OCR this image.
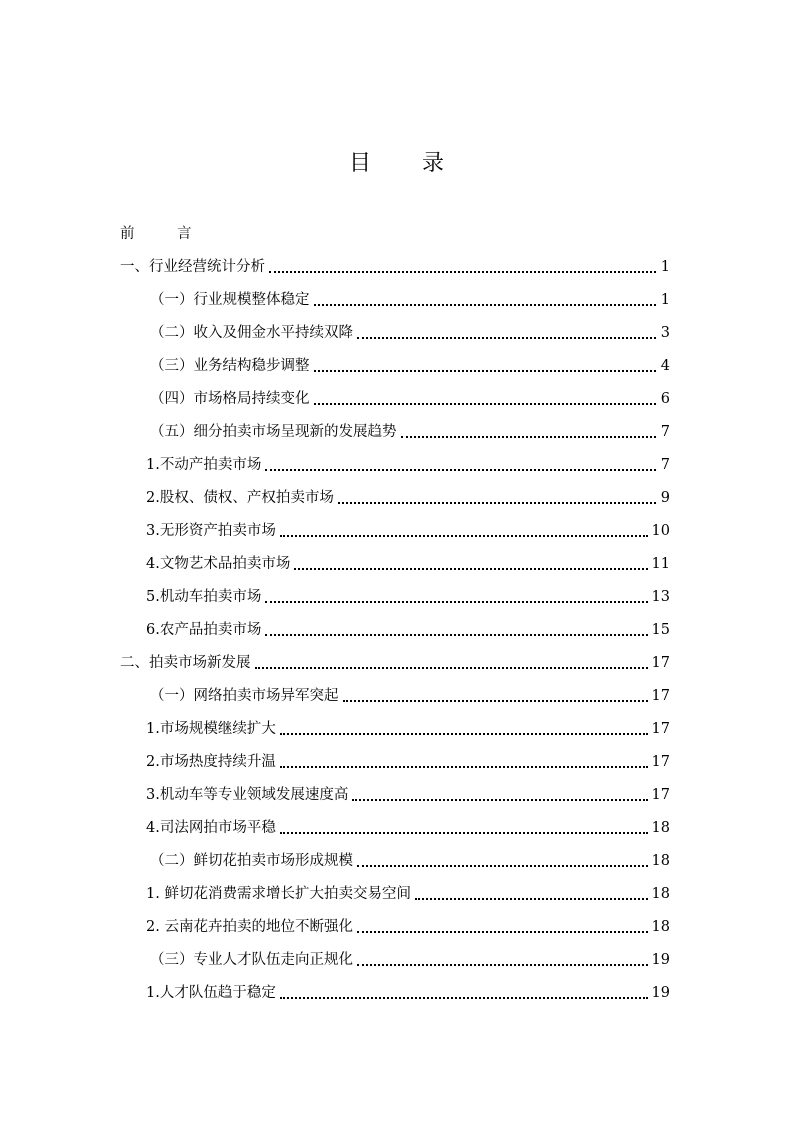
目 录
前　言
一、行业经营统计分析	1
（一）行业规模整体稳定	1
（二）收入及佣金水平持续双降	3
（三）业务结构稳步调整	4
（四）市场格局持续变化	6
（五）细分拍卖市场呈现新的发展趋势	7
1.不动产拍卖市场	7
2.股权、债权、产权拍卖市场	9
3.无形资产拍卖市场	10
4.文物艺术品拍卖市场	11
5.机动车拍卖市场	13
6.农产品拍卖市场	15
二、拍卖市场新发展	17
（一）网络拍卖市场异军突起	17
1.市场规模继续扩大	17
2.市场热度持续升温	17
3.机动车等专业领域发展速度高	17
4.司法网拍市场平稳	18
（二）鲜切花拍卖市场形成规模	18
1. 鲜切花消费需求增长扩大拍卖交易空间	18
2. 云南花卉拍卖的地位不断强化	18
（三）专业人才队伍走向正规化	19
1.人才队伍趋于稳定	19
